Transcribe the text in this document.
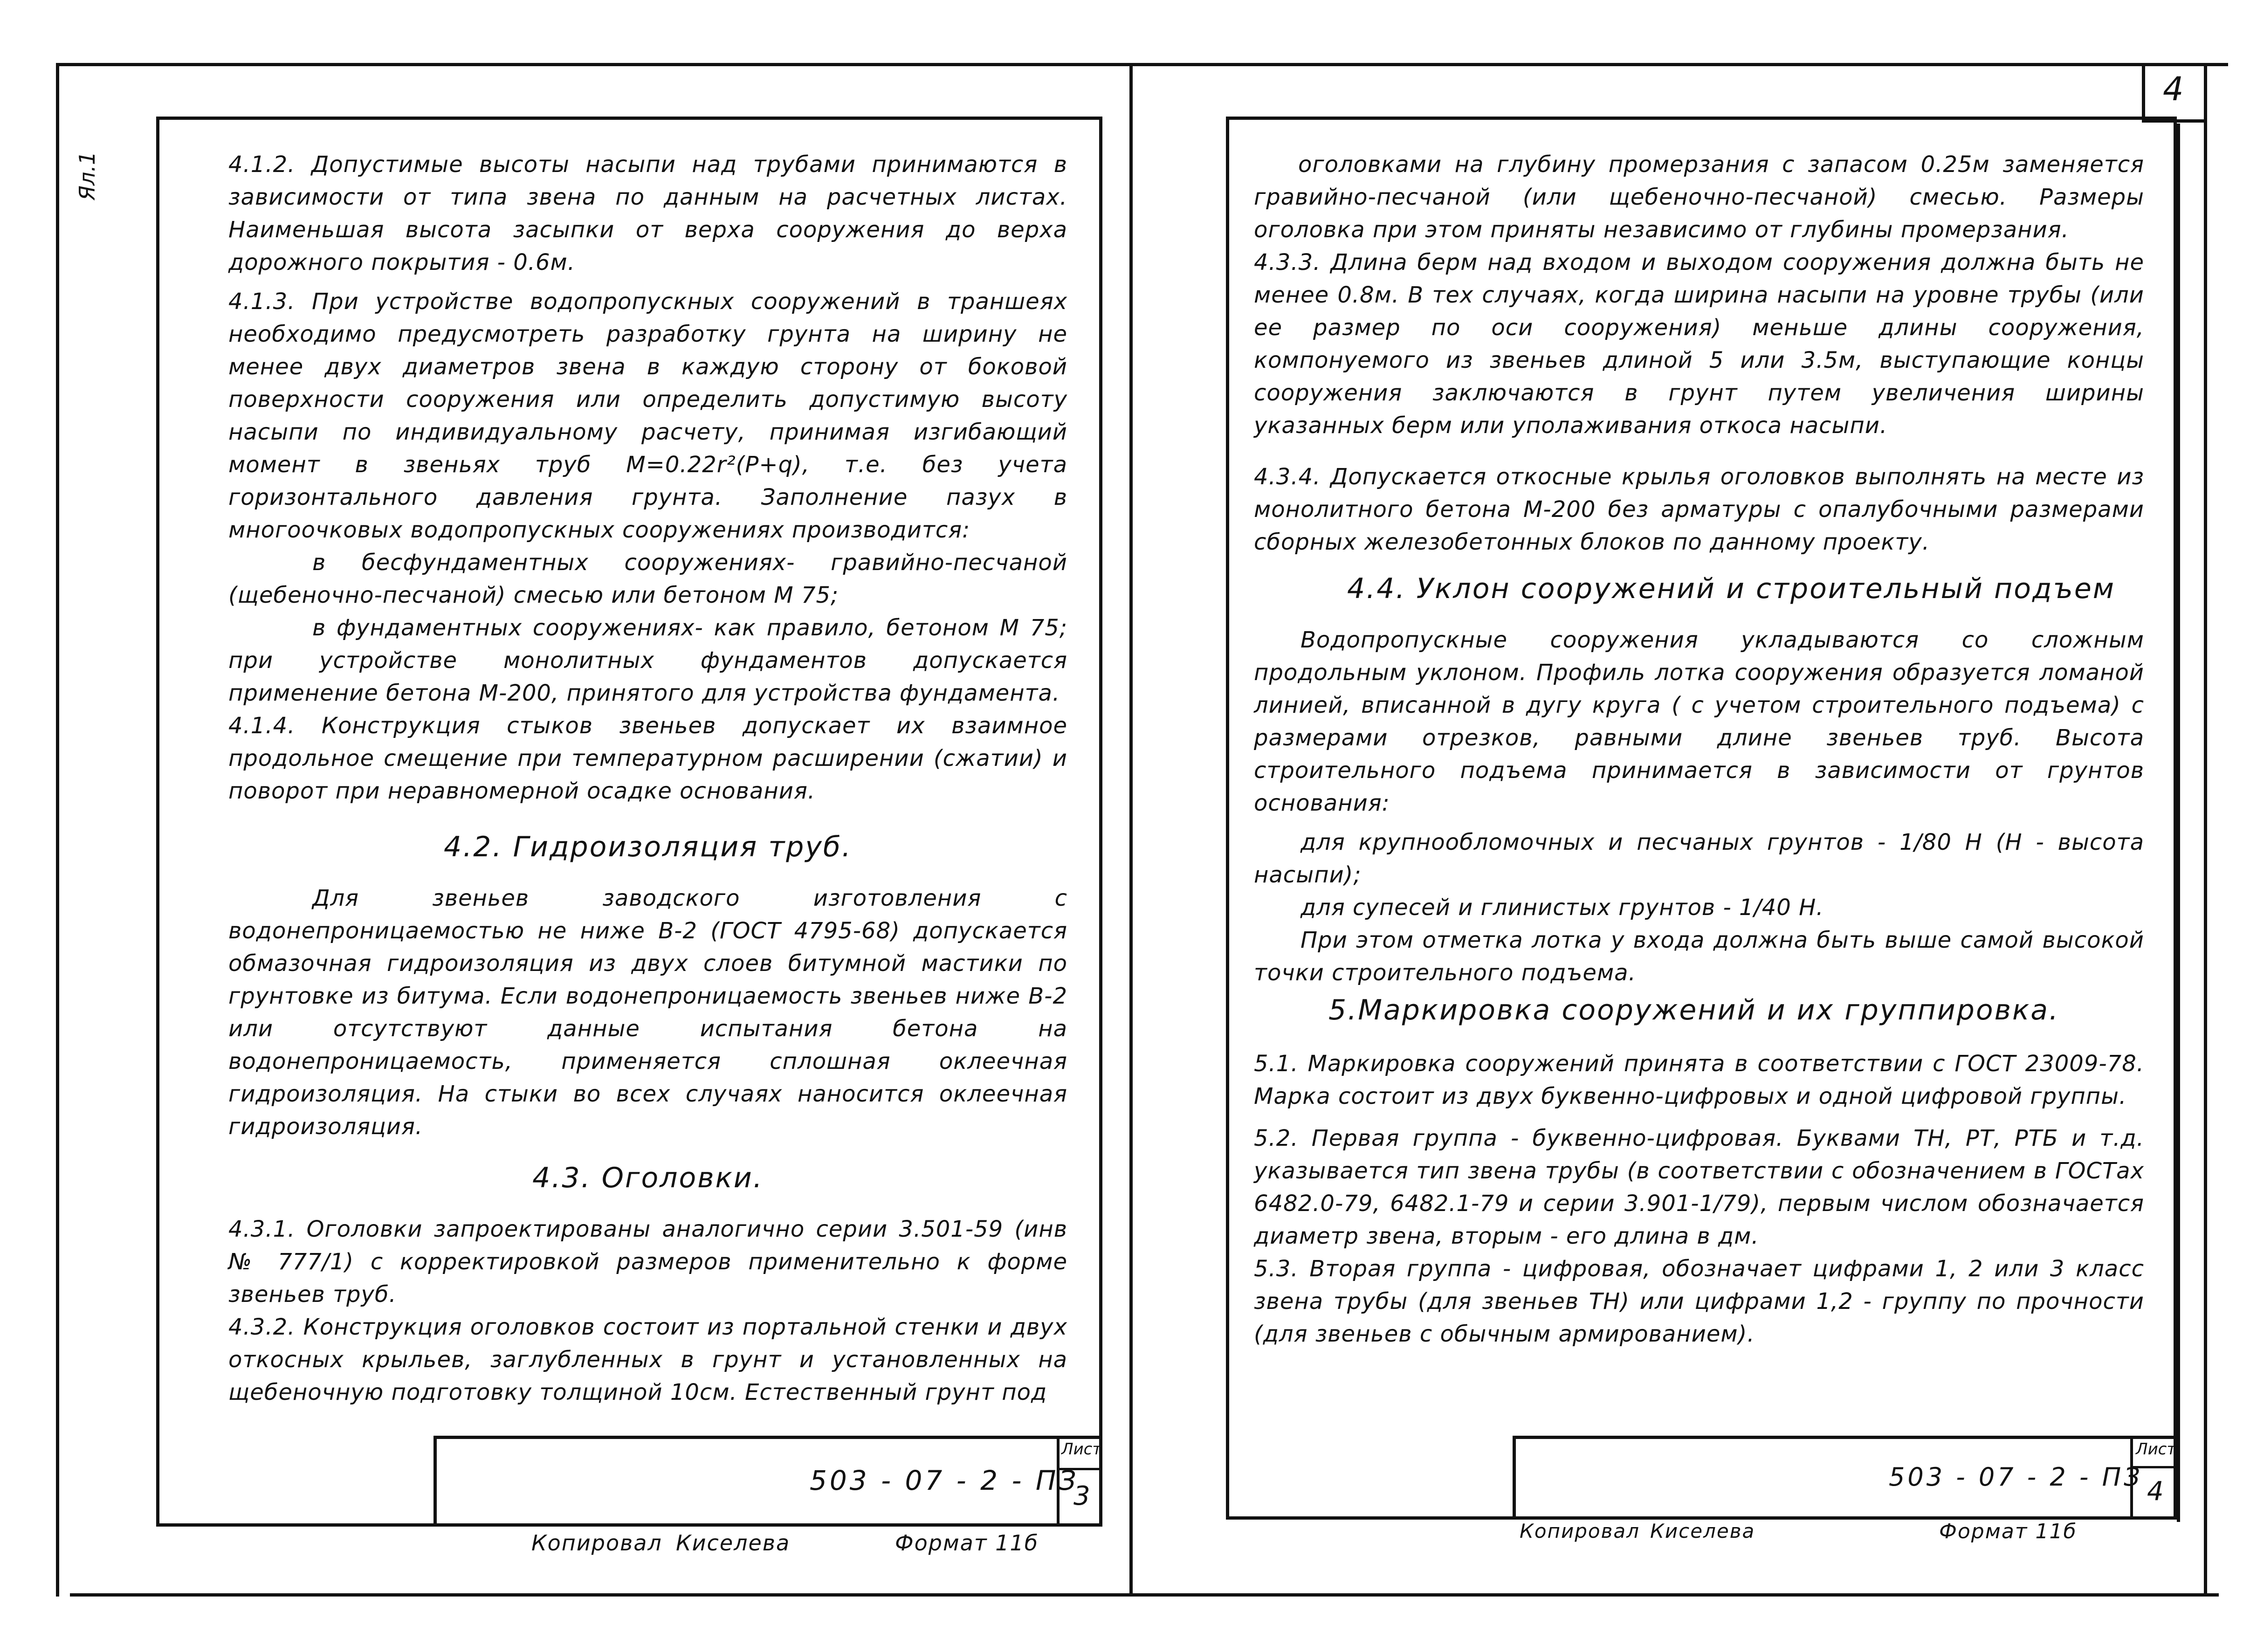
Ял.1	4.1.2. Допустимые высоты насыпи над трубами принимаются в зависимости от типа звена по данным на расчетных листах. Наименьшая высота засыпки от верха сооружения до верха дорожного покрытия - 0.6м.

4.1.3. При устройстве водопропускных сооружений в траншеях необходимо предусмотреть разработку грунта на ширину не менее двух диаметров звена в каждую сторону от боковой поверхности сооружения или определить допустимую высоту насыпи по индивидуальному расчету, принимая изгибающий момент в звеньях труб М=0.22r²(P+q), т.е. без учета горизонтального давления грунта. Заполнение пазух в многоочковых водопропускных сооружениях производится:

в бесфундаментных сооружениях- гравийно-песчаной (щебеночно-песчаной) смесью или бетоном М 75;

в фундаментных сооружениях- как правило, бетоном М 75; при устройстве монолитных фундаментов допускается применение бетона М-200, принятого для устройства фундамента.

4.1.4. Конструкция стыков звеньев допускает их взаимное продольное смещение при температурном расширении (сжатии) и поворот при неравномерной осадке основания.

4.2. Гидроизоляция труб.

Для звеньев заводского изготовления с водонепроницаемостью не ниже В-2 (ГОСТ 4795-68) допускается обмазочная гидроизоляция из двух слоев битумной мастики по грунтовке из битума. Если водонепроницаемость звеньев ниже В-2 или отсутствуют данные испытания бетона на водонепроницаемость, применяется сплошная оклеечная гидроизоляция. На стыки во всех случаях наносится оклеечная гидроизоляция.

4.3. Оголовки.

4.3.1. Оголовки запроектированы аналогично серии 3.501-59 (инв № 777/1) с корректировкой размеров применительно к форме звеньев труб.

4.3.2. Конструкция оголовков состоит из портальной стенки и двух откосных крыльев, заглубленных в грунт и установленных на щебеночную подготовку толщиной 10см. Естественный грунт под

503 - 07 - 2 - ПЗ
Лист
3
Копировал Киселева	Формат 11б
4

оголовками на глубину промерзания с запасом 0.25м заменяется гравийно-песчаной (или щебеночно-песчаной) смесью. Размеры оголовка при этом приняты независимо от глубины промерзания.

4.3.3. Длина берм над входом и выходом сооружения должна быть не менее 0.8м. В тех случаях, когда ширина насыпи на уровне трубы (или ее размер по оси сооружения) меньше длины сооружения, компонуемого из звеньев длиной 5 или 3.5м, выступающие концы сооружения заключаются в грунт путем увеличения ширины указанных берм или уполаживания откоса насыпи.

4.3.4. Допускается откосные крылья оголовков выполнять на месте из монолитного бетона М-200 без арматуры с опалубочными размерами сборных железобетонных блоков по данному проекту.

4.4. Уклон сооружений и строительный подъем

Водопропускные сооружения укладываются со сложным продольным уклоном. Профиль лотка сооружения образуется ломаной линией, вписанной в дугу круга ( с учетом строительного подъема) с размерами отрезков, равными длине звеньев труб. Высота строительного подъема принимается в зависимости от грунтов основания:

для крупнообломочных и песчаных грунтов - 1/80 Н (Н - высота насыпи);

для супесей и глинистых грунтов - 1/40 Н.

При этом отметка лотка у входа должна быть выше самой высокой точки строительного подъема.

5.Маркировка сооружений и их группировка.

5.1. Маркировка сооружений принята в соответствии с ГОСТ 23009-78. Марка состоит из двух буквенно-цифровых и одной цифровой группы.

5.2. Первая группа - буквенно-цифровая. Буквами ТН, РТ, РТБ и т.д. указывается тип звена трубы (в соответствии с обозначением в ГОСТах 6482.0-79, 6482.1-79 и серии 3.901-1/79), первым числом обозначается диаметр звена, вторым - его длина в дм.

5.3. Вторая группа - цифровая, обозначает цифрами 1, 2 или 3 класс звена трубы (для звеньев ТН) или цифрами 1,2 - группу по прочности (для звеньев с обычным армированием).

503 - 07 - 2 - ПЗ
Лист
4
Копировал Киселева	Формат 11б
